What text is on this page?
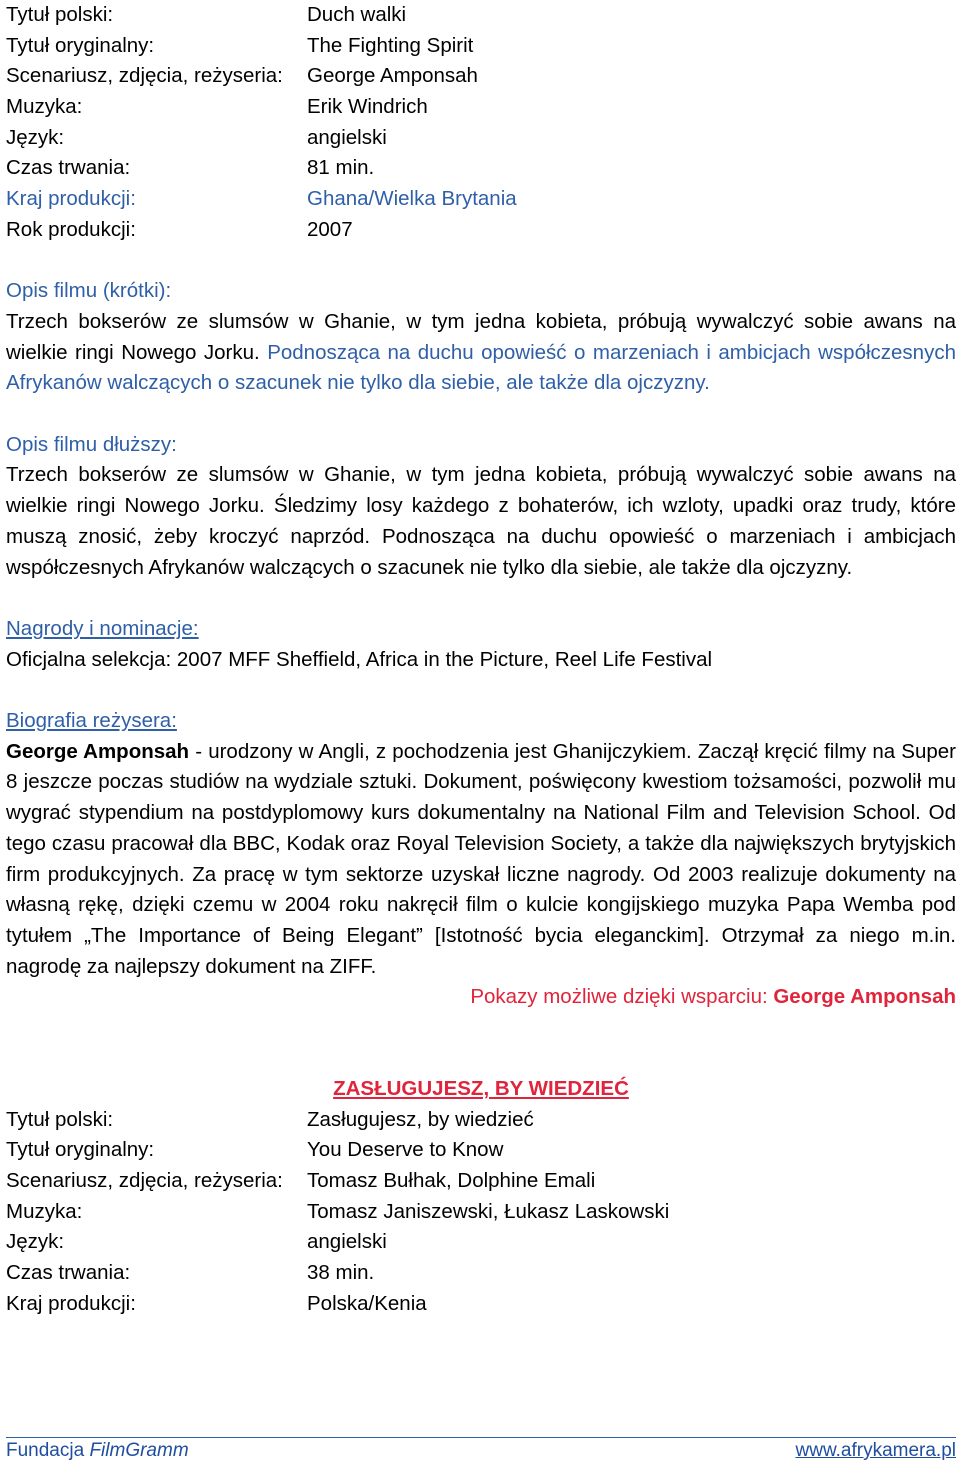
Tytuł polski:	Duch walki
Tytuł oryginalny:	The Fighting Spirit
Scenariusz, zdjęcia, reżyseria:	George Amponsah
Muzyka:	Erik Windrich
Język:	angielski
Czas trwania:	81 min.
Kraj produkcji:	Ghana/Wielka Brytania
Rok produkcji:	2007
Opis filmu (krótki):

Trzech bokserów ze slumsów w Ghanie, w tym jedna kobieta, próbują wywalczyć sobie awans na wielkie ringi Nowego Jorku. Podnosząca na duchu opowieść o marzeniach i ambicjach współczesnych Afrykanów walczących o szacunek nie tylko dla siebie, ale także dla ojczyzny.

Opis filmu dłuższy:

Trzech bokserów ze slumsów w Ghanie, w tym jedna kobieta, próbują wywalczyć sobie awans na wielkie ringi Nowego Jorku. Śledzimy losy każdego z bohaterów, ich wzloty, upadki oraz trudy, które muszą znosić, żeby kroczyć naprzód. Podnosząca na duchu opowieść o marzeniach i ambicjach współczesnych Afrykanów walczących o szacunek nie tylko dla siebie, ale także dla ojczyzny.

Nagrody i nominacje:

Oficjalna selekcja: 2007 MFF Sheffield, Africa in the Picture, Reel Life Festival

Biografia reżysera:

George Amponsah - urodzony w Angli, z pochodzenia jest Ghanijczykiem. Zaczął kręcić filmy na Super 8 jeszcze poczas studiów na wydziale sztuki. Dokument, poświęcony kwestiom tożsamości, pozwolił mu wygrać stypendium na postdyplomowy kurs dokumentalny na National Film and Television School. Od tego czasu pracował dla BBC, Kodak oraz Royal Television Society, a także dla największych brytyjskich firm produkcyjnych. Za pracę w tym sektorze uzyskał liczne nagrody. Od 2003 realizuje dokumenty na własną rękę, dzięki czemu w 2004 roku nakręcił film o kulcie kongijskiego muzyka Papa Wemba pod tytułem „The Importance of Being Elegant” [Istotność bycia eleganckim]. Otrzymał za niego m.in. nagrodę za najlepszy dokument na ZIFF.

Pokazy możliwe dzięki wsparciu: George Amponsah
ZASŁUGUJESZ, BY WIEDZIEĆ
Tytuł polski:	Zasługujesz, by wiedzieć
Tytuł oryginalny:	You Deserve to Know
Scenariusz, zdjęcia, reżyseria:	Tomasz Bułhak, Dolphine Emali
Muzyka:	Tomasz Janiszewski, Łukasz Laskowski
Język:	angielski
Czas trwania:	38 min.
Kraj produkcji:	Polska/Kenia
Fundacja FilmGramm	www.afrykamera.pl
